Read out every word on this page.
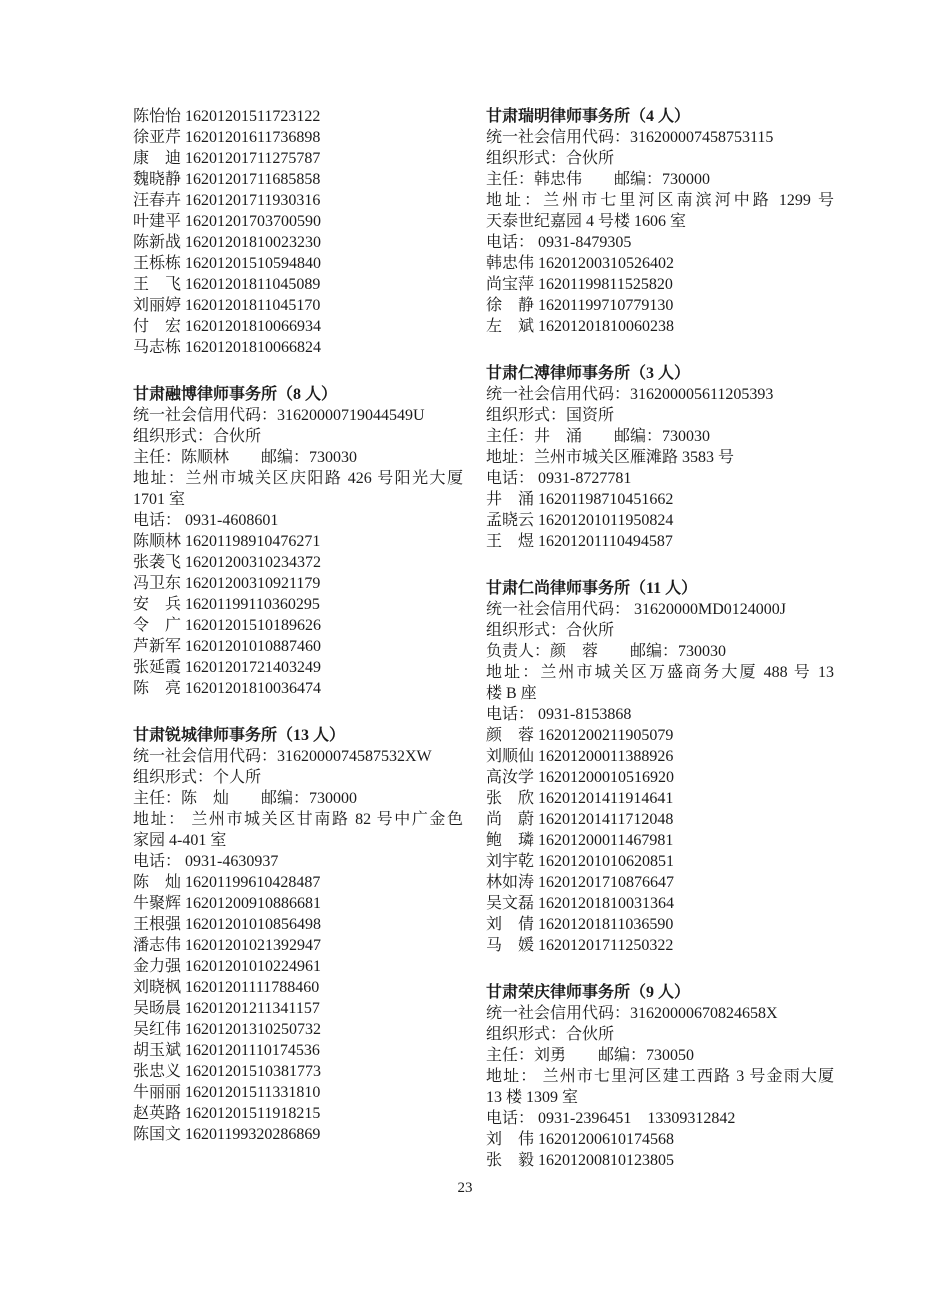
陈怡怡 16201201511723122
徐亚芹 16201201611736898
康　迪 16201201711275787
魏晓静 16201201711685858
汪春卉 16201201711930316
叶建平 16201201703700590
陈新战 16201201810023230
王栎栋 16201201510594840
王　飞 16201201811045089
刘丽婷 16201201811045170
付　宏 16201201810066934
马志栋 16201201810066824
甘肃融博律师事务所（8 人）
统一社会信用代码：31620000719044549U
组织形式：合伙所
主任：陈顺林　　邮编：730030
地址：兰州市城关区庆阳路 426 号阳光大厦
1701 室
电话： 0931-4608601
陈顺林 16201198910476271
张袭飞 16201200310234372
冯卫东 16201200310921179
安　兵 16201199110360295
令　广 16201201510189626
芦新军 16201201010887460
张延霞 16201201721403249
陈　亮 16201201810036474
甘肃锐城律师事务所（13 人）
统一社会信用代码：3162000074587532XW
组织形式：个人所
主任：陈　灿　　邮编：730000
地址： 兰州市城关区甘南路 82 号中广金色
家园 4-401 室
电话： 0931-4630937
陈　灿 16201199610428487
牛聚辉 16201200910886681
王根强 16201201010856498
潘志伟 16201201021392947
金力强 16201201010224961
刘晓枫 16201201111788460
吴旸晨 16201201211341157
吴红伟 16201201310250732
胡玉斌 16201201110174536
张忠义 16201201510381773
牛丽丽 16201201511331810
赵英路 16201201511918215
陈国文 16201199320286869
甘肃瑞明律师事务所（4 人）
统一社会信用代码：316200007458753115
组织形式：合伙所
主任：韩忠伟　　邮编：730000
地址：兰州市七里河区南滨河中路 1299 号
天泰世纪嘉园 4 号楼 1606 室
电话： 0931-8479305
韩忠伟 16201200310526402
尚宝萍 16201199811525820
徐　静 16201199710779130
左　斌 16201201810060238
甘肃仁溥律师事务所（3 人）
统一社会信用代码：316200005611205393
组织形式：国资所
主任：井　涌　　邮编：730030
地址：兰州市城关区雁滩路 3583 号
电话： 0931-8727781
井　涌 16201198710451662
孟晓云 16201201011950824
王　煜 16201201110494587
甘肃仁尚律师事务所（11 人）
统一社会信用代码： 31620000MD0124000J
组织形式：合伙所
负责人：颜　蓉　　邮编：730030
地址：兰州市城关区万盛商务大厦 488 号 13
楼 B 座
电话： 0931-8153868
颜　蓉 16201200211905079
刘顺仙 16201200011388926
高汝学 16201200010516920
张　欣 16201201411914641
尚　蔚 16201201411712048
鲍　璘 16201200011467981
刘宇乾 16201201010620851
林如涛 16201201710876647
吴文磊 16201201810031364
刘　倩 16201201811036590
马　媛 16201201711250322
甘肃荣庆律师事务所（9 人）
统一社会信用代码：31620000670824658X
组织形式：合伙所
主任：刘勇　　邮编：730050
地址： 兰州市七里河区建工西路 3 号金雨大厦
13 楼 1309 室
电话： 0931-2396451　13309312842
刘　伟 16201200610174568
张　毅 16201200810123805
23
